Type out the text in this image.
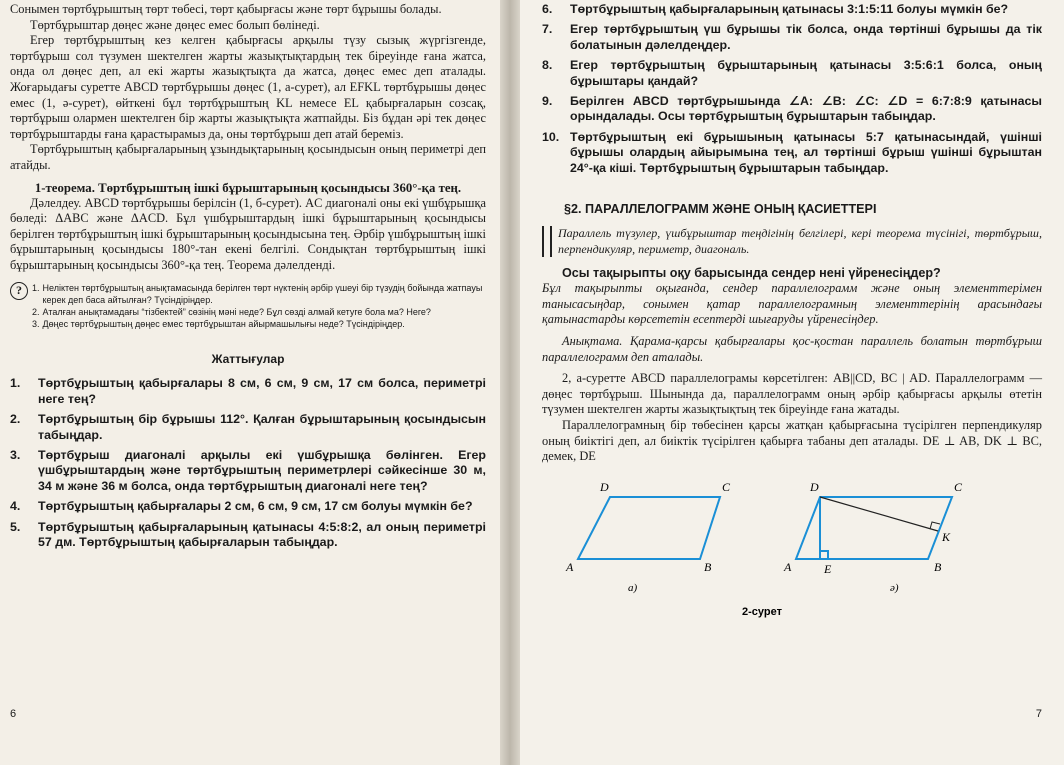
Сонымен төртбұрыштың төрт төбесі, төрт қабырғасы және төрт бұрышы болады.

Төртбұрыштар дөңес және дөңес емес болып бөлінеді.

Егер төртбұрыштың кез келген қабырғасы арқылы түзу сызық жүргізгенде, төртбұрыш сол түзумен шектелген жарты жазықтықтардың тек біреуінде ғана жатса, онда ол дөңес деп, ал екі жарты жазықтықта да жатса, дөңес емес деп аталады. Жоғарыдағы суретте ABCD төртбұрышы дөңес (1, а-сурет), ал EFKL төртбұрышы дөңес емес (1, ә-сурет), өйткені бұл төртбұрыштың KL немесе EL қабырғаларын созсақ, төртбұрыш олармен шектелген бір жарты жазықтықта жатпайды. Біз бұдан әрі тек дөңес төртбұрыштарды ғана қарастырамыз да, оны төртбұрыш деп атай береміз.

Төртбұрыштың қабырғаларының ұзындықтарының қосындысын оның периметрі деп атайды.

1-теорема. Төртбұрыштың ішкі бұрыштарының қосындысы 360°-қа тең.

Дәлелдеу. ABCD төртбұрышы берілсін (1, б-сурет). AC диагоналі оны екі үшбұрышқа бөледі: ΔABC және ΔACD. Бұл үшбұрыштардың ішкі бұрыштарының қосындысы берілген төртбұрыштың ішкі бұрыштарының қосындысына тең. Әрбір үшбұрыштың ішкі бұрыштарының қосындысы 180°-тан екені белгілі. Сондықтан төртбұрыштың ішкі бұрыштарының қосындысы 360°-қа тең. Теорема дәлелденді.

?	1. Неліктен төртбұрыштың анықтамасында берілген төрт нүктенің әрбір үшеуі бір түзудің бойында жатпауы керек деп баса айтылған? Түсіндіріңдер.
2. Аталған анықтамадағы “тізбектей” сөзінің мәні неде? Бұл сөзді алмай кетуге бола ма? Неге?
3. Дөңес төртбұрыштың дөңес емес төртбұрыштан айырмашылығы неде? Түсіндіріңдер.
Жаттығулар
1.	Төртбұрыштың қабырғалары 8 см, 6 см, 9 см, 17 см болса, периметрі неге тең?
2.	Төртбұрыштың бір бұрышы 112°. Қалған бұрыштарының қосындысын табыңдар.
3.	Төртбұрыш диагоналі арқылы екі үшбұрышқа бөлінген. Егер үшбұрыштардың және төртбұрыштың периметрлері сәйкесінше 30 м, 34 м және 36 м болса, онда төртбұрыштың диагоналі неге тең?
4.	Төртбұрыштың қабырғалары 2 см, 6 см, 9 см, 17 см болуы мүмкін бе?
5.	Төртбұрыштың қабырғаларының қатынасы 4:5:8:2, ал оның периметрі 57 дм. Төртбұрыштың қабырғаларын табыңдар.
6
6.	Төртбұрыштың қабырғаларының қатынасы 3:1:5:11 болуы мүмкін бе?
7.	Егер төртбұрыштың үш бұрышы тік болса, онда төртінші бұрышы да тік болатынын дәлелдеңдер.
8.	Егер төртбұрыштың бұрыштарының қатынасы 3:5:6:1 болса, оның бұрыштары қандай?
9.	Берілген ABCD төртбұрышында ∠A: ∠B: ∠C: ∠D = 6:7:8:9 қатынасы орындалады. Осы төртбұрыштың бұрыштарын табыңдар.
10. Төртбұрыштың екі бұрышының қатынасы 5:7 қатынасындай, үшінші бұрышы олардың айырымына тең, ал төртінші бұрыш үшінші бұрыштан 24°-қа кіші. Төртбұрыштың бұрыштарын табыңдар.
§2. ПАРАЛЛЕЛОГРАММ ЖӘНЕ ОНЫҢ ҚАСИЕТТЕРІ

Параллель түзулер, үшбұрыштар теңдігінің белгілері, кері теорема түсінігі, төртбұрыш, перпендикуляр, периметр, диагональ.

Осы тақырыпты оқу барысында сендер нені үйренесіңдер?

Бұл тақырыпты оқығанда, сендер параллелограмм және оның элементтерімен танысасыңдар, сонымен қатар параллелограмның элементтерінің арасындағы қатынастарды көрсететін есептерді шығаруды үйренесіңдер.

Анықтама. Қарама-қарсы қабырғалары қос-қостан параллель болатын төртбұрыш параллелограмм деп аталады.

2, а-суретте ABCD параллелограмы көрсетілген: AB||CD, BC | AD. Параллелограмм — дөңес төртбұрыш. Шынында да, параллелограмм оның әрбір қабырғасы арқылы өтетін түзумен шектелген жарты жазықтықтың тек біреуінде ғана жатады.

Параллелограмның бір төбесінен қарсы жатқан қабырғасына түсірілген перпендикуляр оның биіктігі деп, ал биіктік түсірілген қабырға табаны деп аталады. DE ⊥ AB, DK ⊥ BC, демек, DE

A	B
C
D
A	B
C
D
E
K
а)	ә)
2-сурет
7
